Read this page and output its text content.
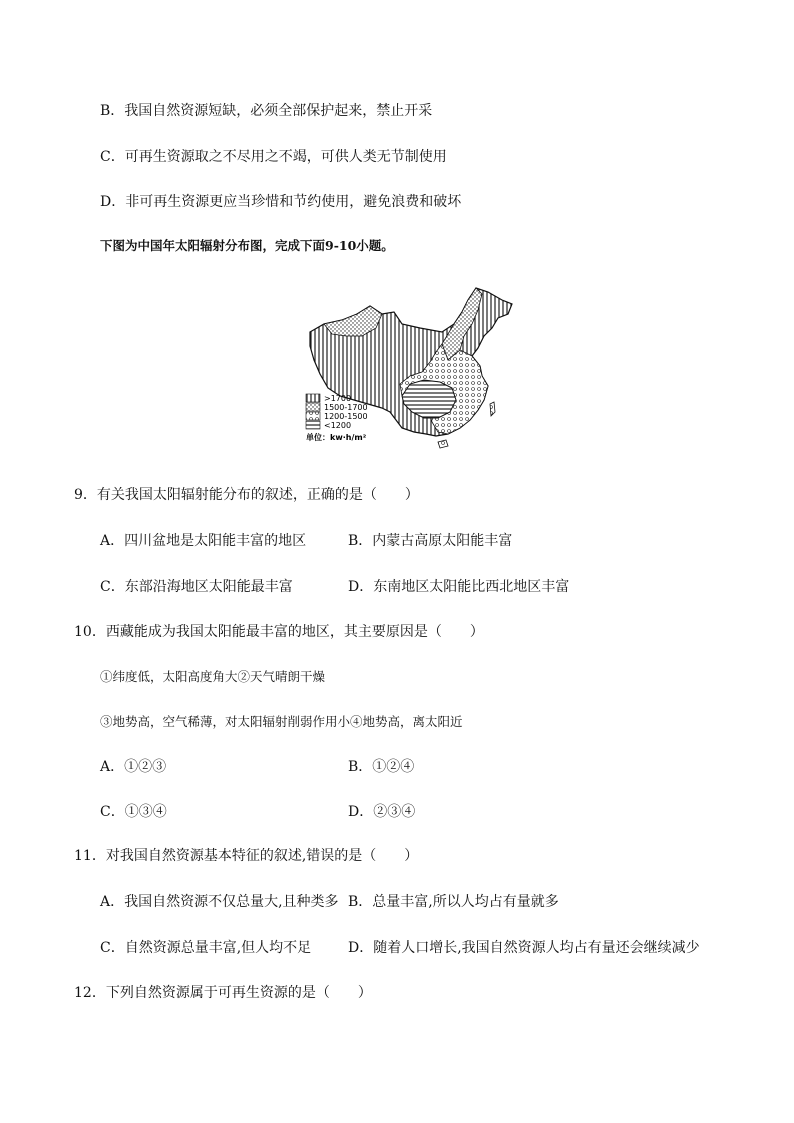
B．我国自然资源短缺，必须全部保护起来，禁止开采
C．可再生资源取之不尽用之不竭，可供人类无节制使用
D．非可再生资源更应当珍惜和节约使用，避免浪费和破坏
下图为中国年太阳辐射分布图，完成下面9-10小题。
>1700
1500-1700
1200-1500
<1200
单位：kw·h/m²
9．有关我国太阳辐射能分布的叙述，正确的是（　　）
A．四川盆地是太阳能丰富的地区	B．内蒙古高原太阳能丰富
C．东部沿海地区太阳能最丰富	D．东南地区太阳能比西北地区丰富
10．西藏能成为我国太阳能最丰富的地区，其主要原因是（　　）
①纬度低，太阳高度角大②天气晴朗干燥
③地势高，空气稀薄，对太阳辐射削弱作用小④地势高，离太阳近
A．①②③	B．①②④
C．①③④	D．②③④
11．对我国自然资源基本特征的叙述,错误的是（　　）
A．我国自然资源不仅总量大,且种类多 B．总量丰富,所以人均占有量就多
C．自然资源总量丰富,但人均不足	D．随着人口增长,我国自然资源人均占有量还会继续减少
12．下列自然资源属于可再生资源的是（　　）
